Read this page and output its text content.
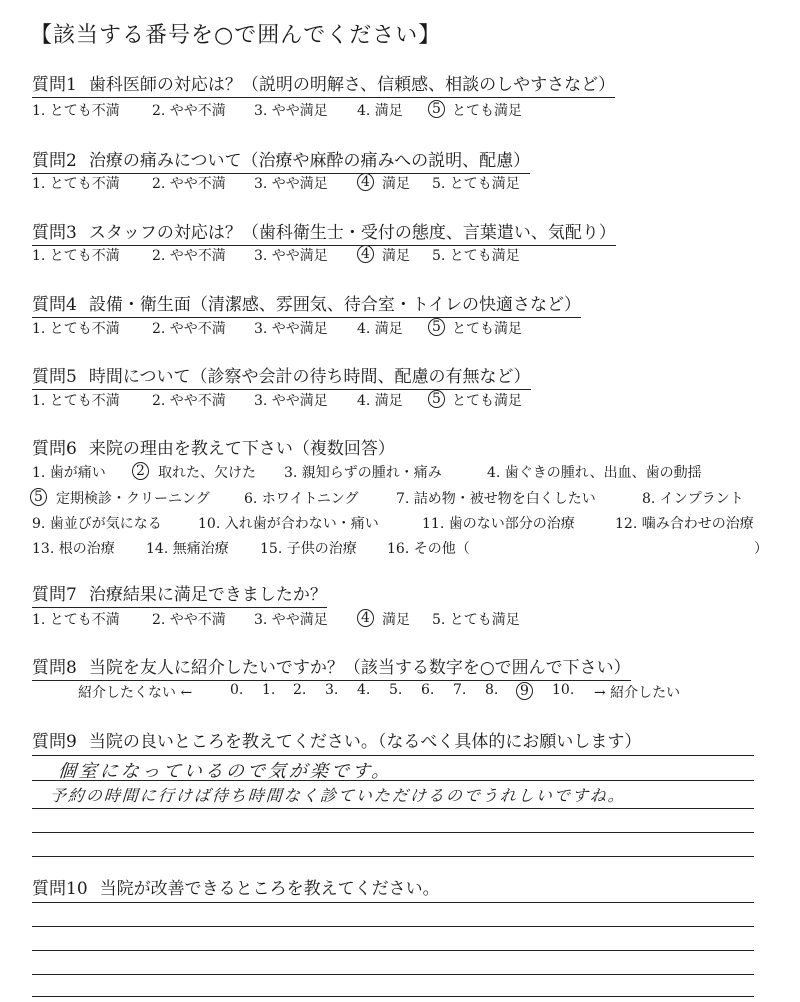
【該当する番号を○で囲んでください】
質問1 歯科医師の対応は？（説明の明解さ、信頼感、相談のしやすさなど）
1. とても不満 2. やや不満 3. やや満足 4. 満足 5 とても満足
質問2 治療の痛みについて（治療や麻酔の痛みへの説明、配慮）
1. とても不満 2. やや不満 3. やや満足 4 満足 5. とても満足
質問3 スタッフの対応は？（歯科衛生士・受付の態度、言葉遣い、気配り）
1. とても不満 2. やや不満 3. やや満足 4 満足 5. とても満足
質問4 設備・衛生面（清潔感、雰囲気、待合室・トイレの快適さなど）
1. とても不満 2. やや不満 3. やや満足 4. 満足 5 とても満足
質問5 時間について（診察や会計の待ち時間、配慮の有無など）
1. とても不満 2. やや不満 3. やや満足 4. 満足 5 とても満足
質問6 来院の理由を教えて下さい（複数回答）
1. 歯が痛い 2 取れた、欠けた 3. 親知らずの腫れ・痛み	4. 歯ぐきの腫れ、出血、歯の動揺
5 定期検診・クリーニング 6. ホワイトニング	7. 詰め物・被せ物を白くしたい	8. インプラント
9. 歯並びが気になる	10. 入れ歯が合わない・痛い	11. 歯のない部分の治療	12. 噛み合わせの治療
13. 根の治療 14. 無痛治療 15. 子供の治療 16. その他（	）
質問7 治療結果に満足できましたか？
1. とても不満 2. やや不満 3. やや満足 4 満足 5. とても満足
質問8 当院を友人に紹介したいですか？（該当する数字を○で囲んで下さい）
紹介したくない ←	0. 1. 2. 3. 4. 5. 6. 7. 8. 9 10. → 紹介したい
質問9 当院の良いところを教えてください。（なるべく具体的にお願いします）
個室になっているので気が楽です。
予約の時間に行けば待ち時間なく診ていただけるのでうれしいですね。
質問10 当院が改善できるところを教えてください。
